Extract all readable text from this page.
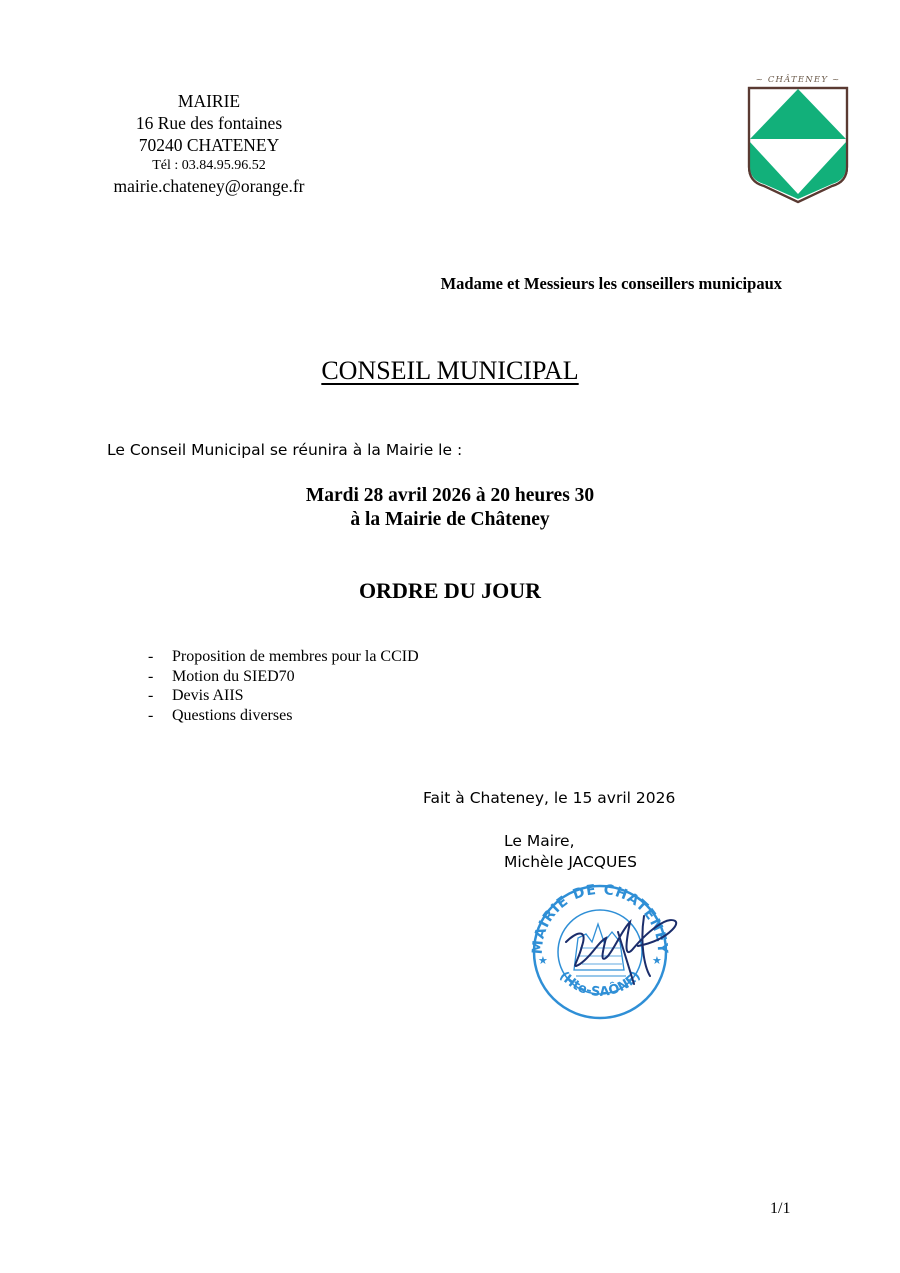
MAIRIE
16 Rue des fontaines
70240 CHATENEY
Tél : 03.84.95.96.52
mairie.chateney@orange.fr
~ CHÂTENEY ~
Madame et Messieurs les conseillers municipaux
CONSEIL MUNICIPAL
Le Conseil Municipal se réunira à la Mairie le :
Mardi 28 avril 2026 à 20 heures 30
à la Mairie de Châteney
ORDRE DU JOUR
-	Proposition de membres pour la CCID
-	Motion du SIED70
-	Devis AIIS
-	Questions diverses
Fait à Chateney, le 15 avril 2026
Le Maire,
Michèle JACQUES
MAIRIE DE CHATENEY
(Hte-SAÔNE)
★	★
1/1
